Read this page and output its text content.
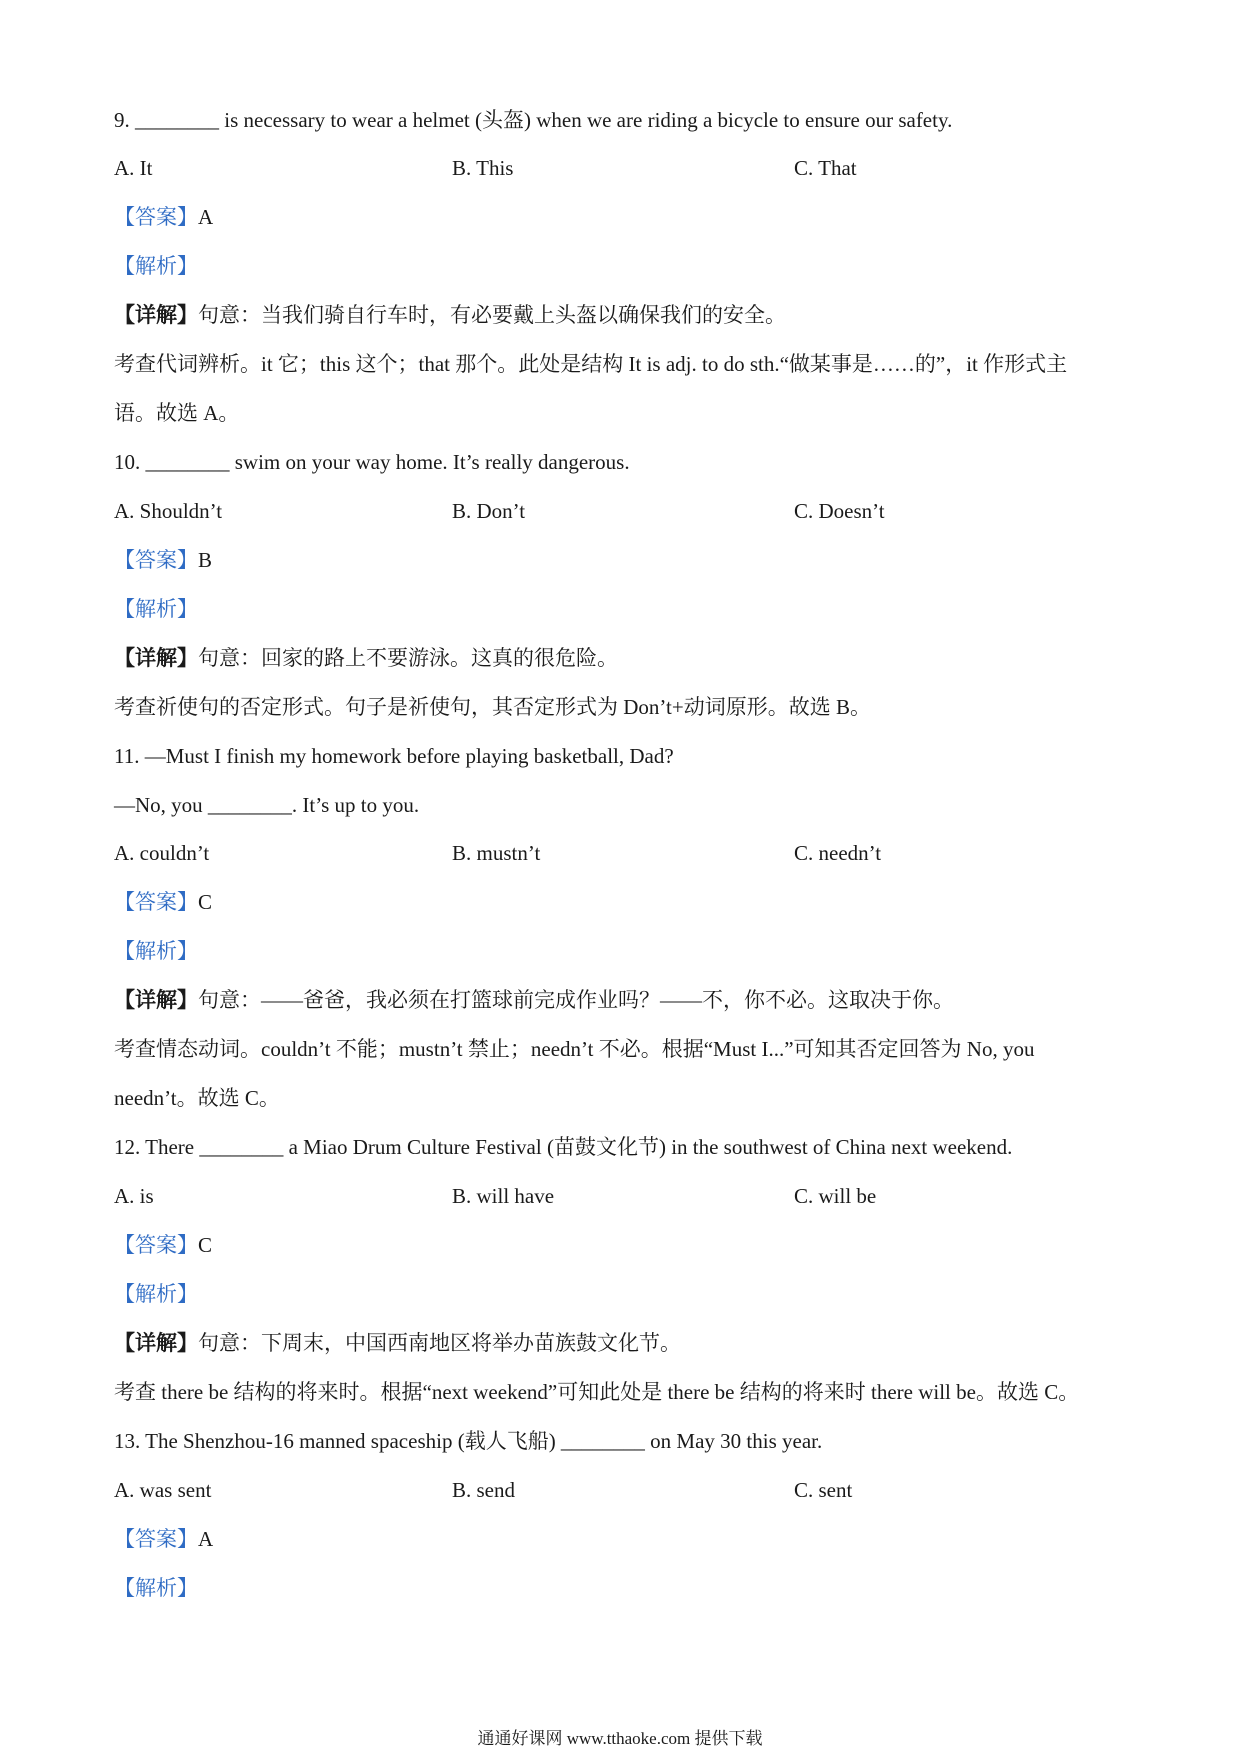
9. ________ is necessary to wear a helmet (头盔) when we are riding a bicycle to ensure our safety.
A. It	B. This	C. That
【答案】A
【解析】
【详解】句意：当我们骑自行车时，有必要戴上头盔以确保我们的安全。
考查代词辨析。it 它；this 这个；that 那个。此处是结构 It is adj. to do sth.“做某事是……的”，it 作形式主
语。故选 A。
10. ________ swim on your way home. It’s really dangerous.
A. Shouldn’t	B. Don’t	C. Doesn’t
【答案】B
【解析】
【详解】句意：回家的路上不要游泳。这真的很危险。
考查祈使句的否定形式。句子是祈使句，其否定形式为 Don’t+动词原形。故选 B。
11. —Must I finish my homework before playing basketball, Dad?
—No, you ________. It’s up to you.
A. couldn’t	B. mustn’t	C. needn’t
【答案】C
【解析】
【详解】句意：——爸爸，我必须在打篮球前完成作业吗？——不，你不必。这取决于你。
考查情态动词。couldn’t 不能；mustn’t 禁止；needn’t 不必。根据“Must I...”可知其否定回答为 No, you
needn’t。故选 C。
12. There ________ a Miao Drum Culture Festival (苗鼓文化节) in the southwest of China next weekend.
A. is	B. will have	C. will be
【答案】C
【解析】
【详解】句意：下周末，中国西南地区将举办苗族鼓文化节。
考查 there be 结构的将来时。根据“next weekend”可知此处是 there be 结构的将来时 there will be。故选 C。
13. The Shenzhou-16 manned spaceship (载人飞船) ________ on May 30 this year.
A. was sent	B. send	C. sent
【答案】A
【解析】
通通好课网 www.tthaoke.com 提供下载
